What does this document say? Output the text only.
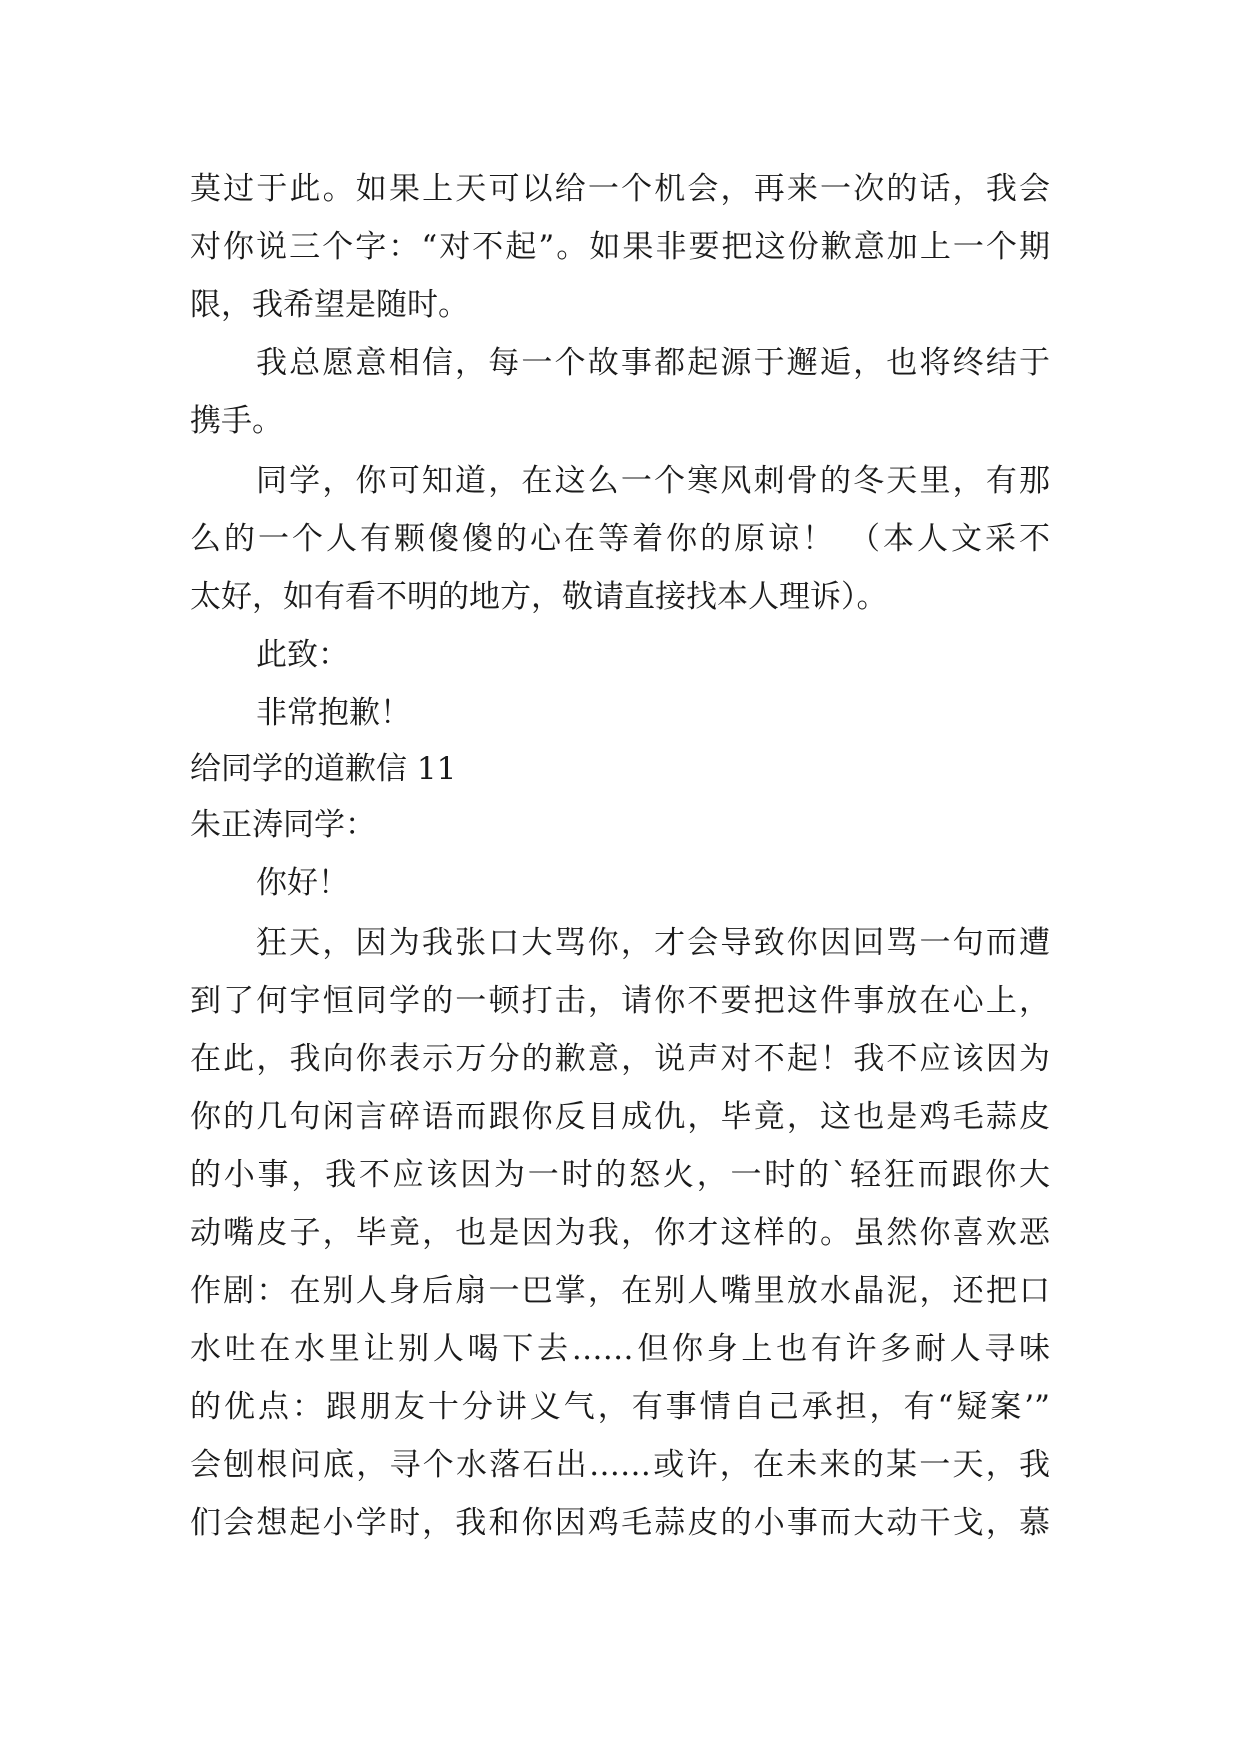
莫过于此。如果上天可以给一个机会，再来一次的话，我会
对你说三个字：“对不起”。如果非要把这份歉意加上一个期
限，我希望是随时。
我总愿意相信，每一个故事都起源于邂逅，也将终结于
携手。
同学，你可知道，在这么一个寒风刺骨的冬天里，有那
么的一个人有颗傻傻的心在等着你的原谅！ （本人文采不
太好，如有看不明的地方，敬请直接找本人理诉）。
此致：
非常抱歉！
给同学的道歉信 11
朱正涛同学：
你好！
狂天，因为我张口大骂你，才会导致你因回骂一句而遭
到了何宇恒同学的一顿打击，请你不要把这件事放在心上，
在此，我向你表示万分的歉意，说声对不起！我不应该因为
你的几句闲言碎语而跟你反目成仇，毕竟，这也是鸡毛蒜皮
的小事，我不应该因为一时的怒火，一时的`轻狂而跟你大
动嘴皮子，毕竟，也是因为我，你才这样的。虽然你喜欢恶
作剧：在别人身后扇一巴掌，在别人嘴里放水晶泥，还把口
水吐在水里让别人喝下去……但你身上也有许多耐人寻味
的优点：跟朋友十分讲义气，有事情自己承担，有“疑案’”
会刨根问底，寻个水落石出……或许，在未来的某一天，我
们会想起小学时，我和你因鸡毛蒜皮的小事而大动干戈，慕
